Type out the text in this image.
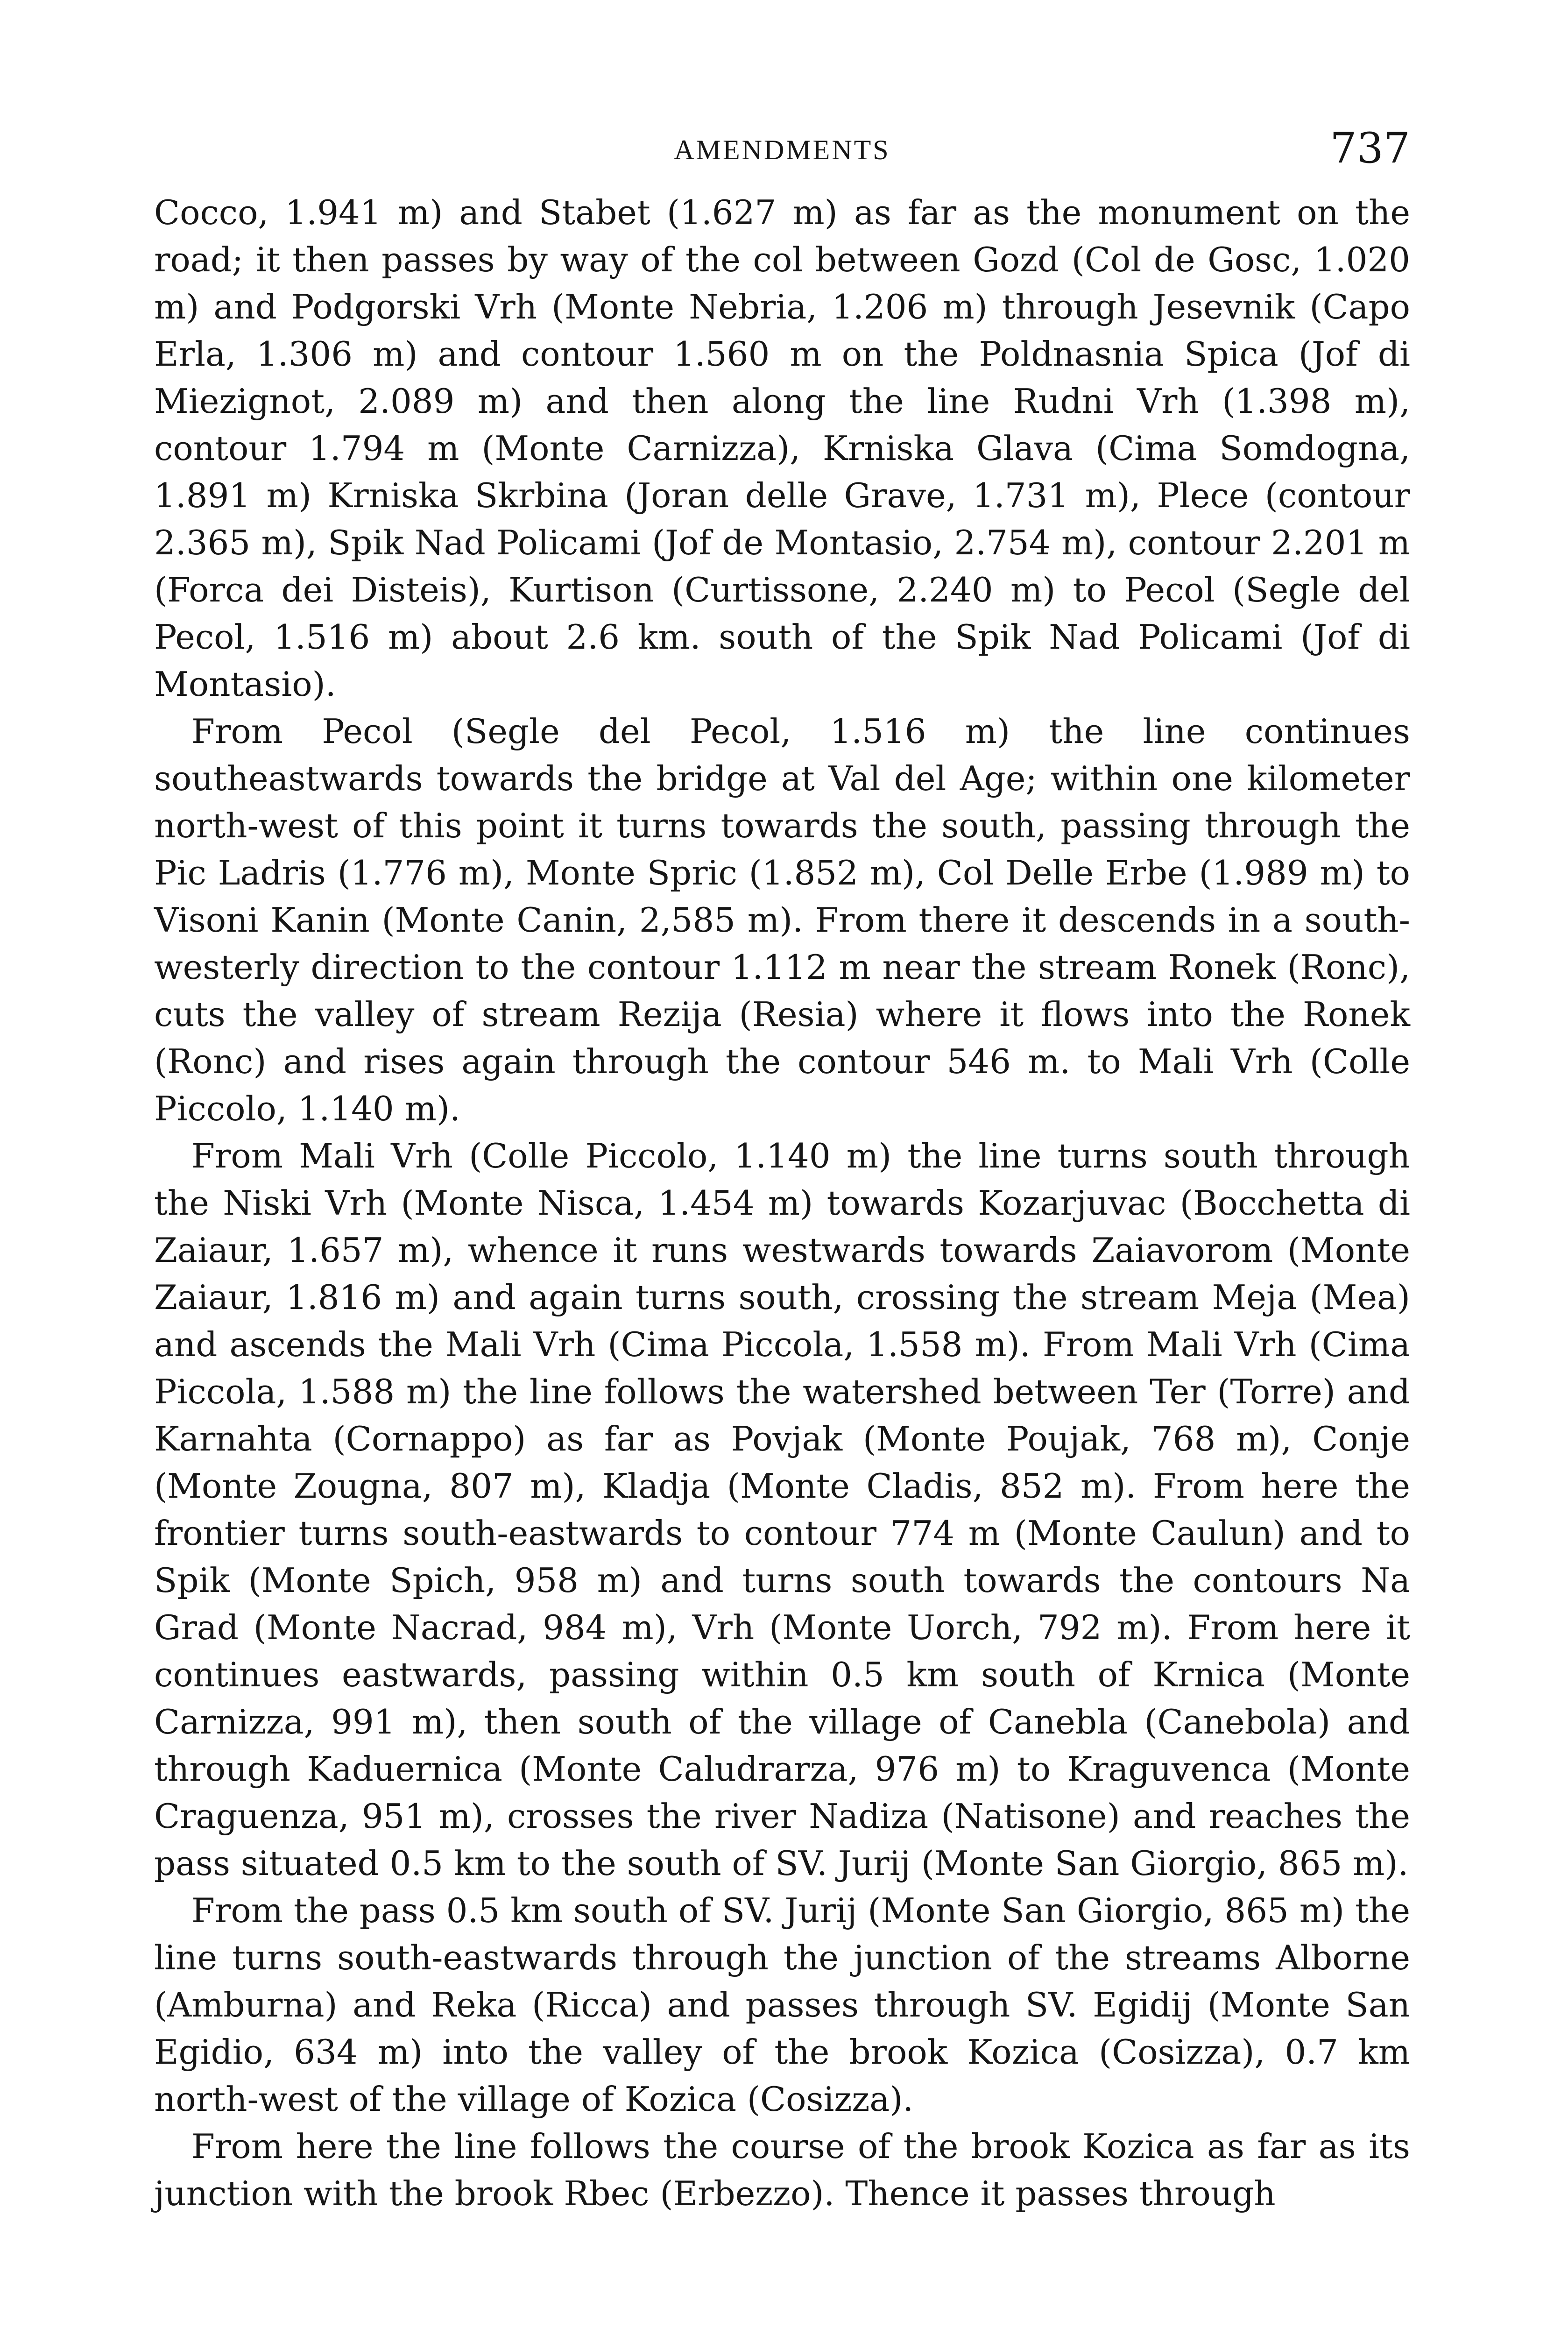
AMENDMENTS	737

Cocco, 1.941 m) and Stabet (1.627 m) as far as the monument on the road; it then passes by way of the col between Gozd (Col de Gosc, 1.020 m) and Podgorski Vrh (Monte Nebria, 1.206 m) through Jesevnik (Capo Erla, 1.306 m) and contour 1.560 m on the Poldnasnia Spica (Jof di Miezignot, 2.089 m) and then along the line Rudni Vrh (1.398 m), contour 1.794 m (Monte Carnizza), Krniska Glava (Cima Somdogna, 1.891 m) Krniska Skrbina (Joran delle Grave, 1.731 m), Plece (contour 2.365 m), Spik Nad Policami (Jof de Montasio, 2.754 m), contour 2.201 m (Forca dei Disteis), Kurtison (Curtissone, 2.240 m) to Pecol (Segle del Pecol, 1.516 m) about 2.6 km. south of the Spik Nad Policami (Jof di Montasio).

From Pecol (Segle del Pecol, 1.516 m) the line continues southeastwards towards the bridge at Val del Age; within one kilometer north-west of this point it turns towards the south, passing through the Pic Ladris (1.776 m), Monte Spric (1.852 m), Col Delle Erbe (1.989 m) to Visoni Kanin (Monte Canin, 2,585 m). From there it descends in a south-westerly direction to the contour 1.112 m near the stream Ronek (Ronc), cuts the valley of stream Rezija (Resia) where it flows into the Ronek (Ronc) and rises again through the contour 546 m. to Mali Vrh (Colle Piccolo, 1.140 m).

From Mali Vrh (Colle Piccolo, 1.140 m) the line turns south through the Niski Vrh (Monte Nisca, 1.454 m) towards Kozarjuvac (Bocchetta di Zaiaur, 1.657 m), whence it runs westwards towards Zaiavorom (Monte Zaiaur, 1.816 m) and again turns south, crossing the stream Meja (Mea) and ascends the Mali Vrh (Cima Piccola, 1.558 m). From Mali Vrh (Cima Piccola, 1.588 m) the line follows the watershed between Ter (Torre) and Karnahta (Cornappo) as far as Povjak (Monte Poujak, 768 m), Conje (Monte Zougna, 807 m), Kladja (Monte Cladis, 852 m). From here the frontier turns south-eastwards to contour 774 m (Monte Caulun) and to Spik (Monte Spich, 958 m) and turns south towards the contours Na Grad (Monte Nacrad, 984 m), Vrh (Monte Uorch, 792 m). From here it continues eastwards, passing within 0.5 km south of Krnica (Monte Carnizza, 991 m), then south of the village of Canebla (Canebola) and through Kaduernica (Monte Caludrarza, 976 m) to Kraguvenca (Monte Craguenza, 951 m), crosses the river Nadiza (Natisone) and reaches the pass situated 0.5 km to the south of SV. Jurij (Monte San Giorgio, 865 m).

From the pass 0.5 km south of SV. Jurij (Monte San Giorgio, 865 m) the line turns south-eastwards through the junction of the streams Alborne (Amburna) and Reka (Ricca) and passes through SV. Egidij (Monte San Egidio, 634 m) into the valley of the brook Kozica (Cosizza), 0.7 km north-west of the village of Kozica (Cosizza).

From here the line follows the course of the brook Kozica as far as its junction with the brook Rbec (Erbezzo). Thence it passes through
